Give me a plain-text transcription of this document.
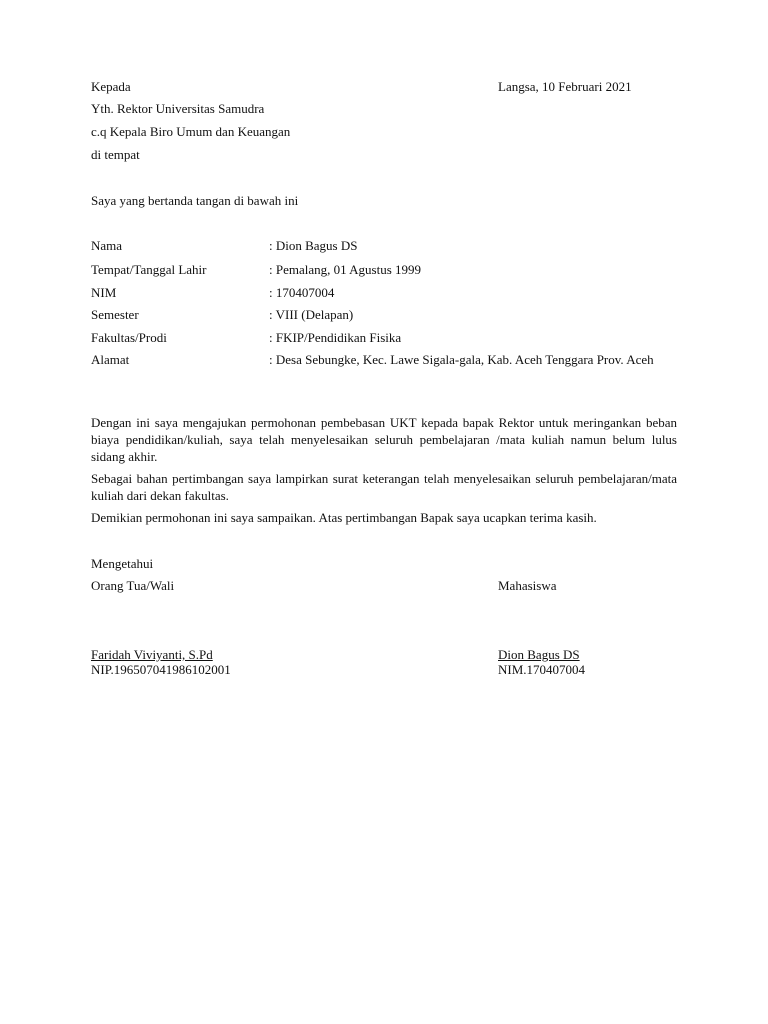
Kepada	Langsa, 10 Februari 2021
Yth. Rektor Universitas Samudra
c.q Kepala Biro Umum dan Keuangan
di tempat
Saya yang bertanda tangan di bawah ini
Nama	: Dion Bagus DS
Tempat/Tanggal Lahir	: Pemalang, 01 Agustus 1999
NIM	: 170407004
Semester	: VIII (Delapan)
Fakultas/Prodi	: FKIP/Pendidikan Fisika
Alamat	: Desa Sebungke, Kec. Lawe Sigala-gala, Kab. Aceh Tenggara Prov. Aceh

Dengan ini saya mengajukan permohonan pembebasan UKT kepada bapak Rektor untuk meringankan beban biaya pendidikan/kuliah, saya telah menyelesaikan seluruh pembelajaran /mata kuliah namun belum lulus sidang akhir.

Sebagai bahan pertimbangan saya lampirkan surat keterangan telah menyelesaikan seluruh pembelajaran/mata kuliah dari dekan fakultas.

Demikian permohonan ini saya sampaikan. Atas pertimbangan Bapak saya ucapkan terima kasih.

Mengetahui
Orang Tua/Wali	Mahasiswa
Faridah Viviyanti, S.Pd
NIP.196507041986102001
Dion Bagus DS
NIM.170407004
